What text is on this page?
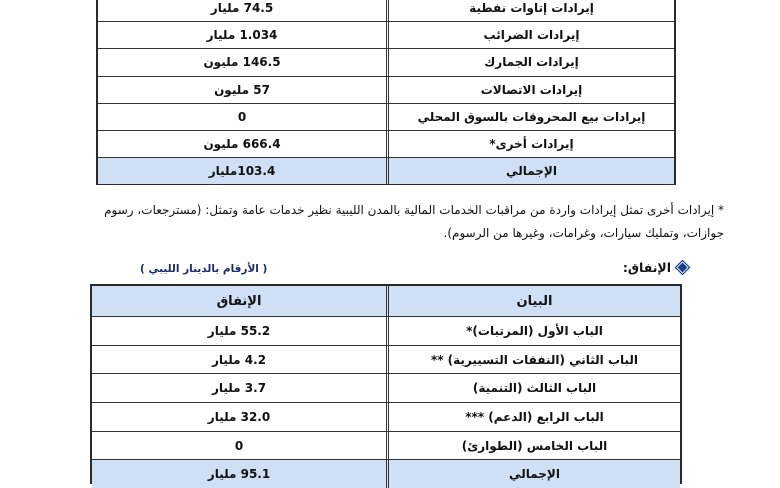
إيرادات إتاوات نفطية
74.5 مليار
إيرادات الضرائب
1.034 مليار
إيرادات الجمارك
146.5 مليون
إيرادات الاتصالات
57 مليون
إيرادات بيع المحروقات بالسوق المحلي
0
إيرادات أخرى*
666.4 مليون
الإجمالي
103.4مليار
* إيرادات أخرى تمثل إيرادات واردة من مراقبات الخدمات المالية بالمدن الليبية نظير خدمات عامة وتمثل: (مسترجعات، رسوم
جوازات، وتمليك سيارات، وغرامات، وغيرها من الرسوم).
الإنفاق:
( الأرقام بالدينار الليبي )
البيان
الإنفاق
الباب الأول (المرتبات)*
55.2 مليار
الباب الثاني (النفقات التسييرية) **
4.2 مليار
الباب الثالث (التنمية)
3.7 مليار
الباب الرابع (الدعم) ***
32.0 مليار
الباب الخامس (الطوارئ)
0
الإجمالي
95.1 مليار
